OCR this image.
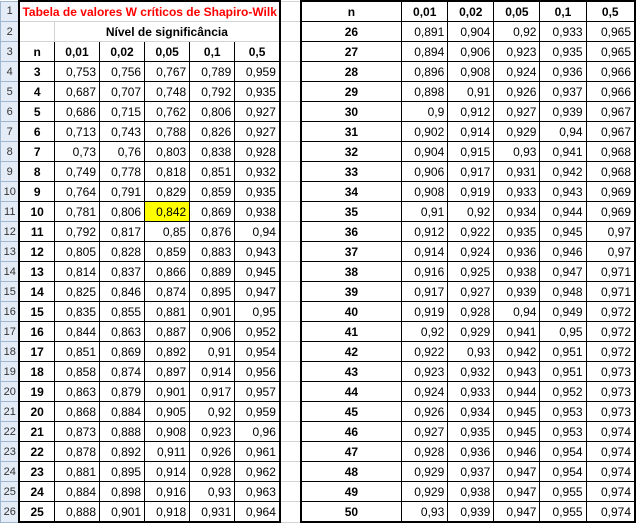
1	Tabela de valores W críticos de Shapiro-Wilk							n	0,01	0,02	0,05	0,1	0,5
2		Nível de significância						26	0,891	0,904	0,92	0,933	0,965
3	n	0,01	0,02	0,05	0,1	0,5		27	0,894	0,906	0,923	0,935	0,965
4	3	0,753	0,756	0,767	0,789	0,959		28	0,896	0,908	0,924	0,936	0,966
5	4	0,687	0,707	0,748	0,792	0,935		29	0,898	0,91	0,926	0,937	0,966
6	5	0,686	0,715	0,762	0,806	0,927		30	0,9	0,912	0,927	0,939	0,967
7	6	0,713	0,743	0,788	0,826	0,927		31	0,902	0,914	0,929	0,94	0,967
8	7	0,73	0,76	0,803	0,838	0,928		32	0,904	0,915	0,93	0,941	0,968
9	8	0,749	0,778	0,818	0,851	0,932		33	0,906	0,917	0,931	0,942	0,968
10	9	0,764	0,791	0,829	0,859	0,935		34	0,908	0,919	0,933	0,943	0,969
11	10	0,781	0,806	0,842	0,869	0,938		35	0,91	0,92	0,934	0,944	0,969
12	11	0,792	0,817	0,85	0,876	0,94		36	0,912	0,922	0,935	0,945	0,97
13	12	0,805	0,828	0,859	0,883	0,943		37	0,914	0,924	0,936	0,946	0,97
14	13	0,814	0,837	0,866	0,889	0,945		38	0,916	0,925	0,938	0,947	0,971
15	14	0,825	0,846	0,874	0,895	0,947		39	0,917	0,927	0,939	0,948	0,971
16	15	0,835	0,855	0,881	0,901	0,95		40	0,919	0,928	0,94	0,949	0,972
17	16	0,844	0,863	0,887	0,906	0,952		41	0,92	0,929	0,941	0,95	0,972
18	17	0,851	0,869	0,892	0,91	0,954		42	0,922	0,93	0,942	0,951	0,972
19	18	0,858	0,874	0,897	0,914	0,956		43	0,923	0,932	0,943	0,951	0,973
20	19	0,863	0,879	0,901	0,917	0,957		44	0,924	0,933	0,944	0,952	0,973
21	20	0,868	0,884	0,905	0,92	0,959		45	0,926	0,934	0,945	0,953	0,973
22	21	0,873	0,888	0,908	0,923	0,96		46	0,927	0,935	0,945	0,953	0,974
23	22	0,878	0,892	0,911	0,926	0,961		47	0,928	0,936	0,946	0,954	0,974
24	23	0,881	0,895	0,914	0,928	0,962		48	0,929	0,937	0,947	0,954	0,974
25	24	0,884	0,898	0,916	0,93	0,963		49	0,929	0,938	0,947	0,955	0,974
26	25	0,888	0,901	0,918	0,931	0,964		50	0,93	0,939	0,947	0,955	0,974
